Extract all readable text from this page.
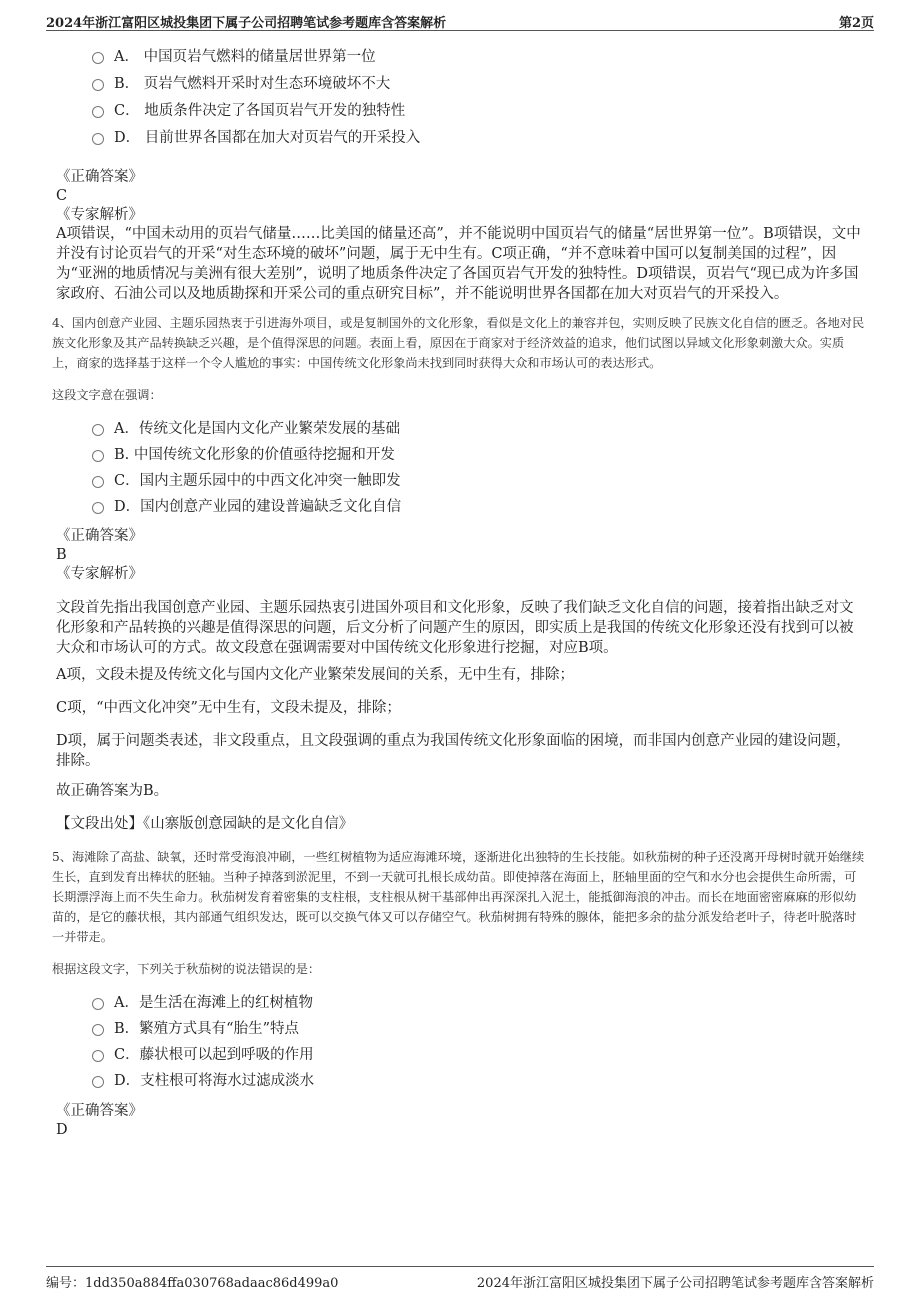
2024年浙江富阳区城投集团下属子公司招聘笔试参考题库含答案解析	第2页
A． 中国页岩气燃料的储量居世界第一位
B． 页岩气燃料开采时对生态环境破坏不大
C． 地质条件决定了各国页岩气开发的独特性
D． 目前世界各国都在加大对页岩气的开采投入
《正确答案》
C
《专家解析》
A项错误，“中国未动用的页岩气储量……比美国的储量还高”，并不能说明中国页岩气的储量“居世界第一位”。B项错误，文中并没有讨论页岩气的开采“对生态环境的破坏”问题，属于无中生有。C项正确，“并不意味着中国可以复制美国的过程”，因为“亚洲的地质情况与美洲有很大差别”，说明了地质条件决定了各国页岩气开发的独特性。D项错误，页岩气“现已成为许多国家政府、石油公司以及地质勘探和开采公司的重点研究目标”，并不能说明世界各国都在加大对页岩气的开采投入。
4、国内创意产业园、主题乐园热衷于引进海外项目，或是复制国外的文化形象，看似是文化上的兼容并包，实则反映了民族文化自信的匮乏。各地对民族文化形象及其产品转换缺乏兴趣，是个值得深思的问题。表面上看，原因在于商家对于经济效益的追求，他们试图以异域文化形象刺激大众。实质上，商家的选择基于这样一个令人尴尬的事实：中国传统文化形象尚未找到同时获得大众和市场认可的表达形式。
这段文字意在强调：
A．传统文化是国内文化产业繁荣发展的基础
B. 中国传统文化形象的价值亟待挖掘和开发
C．国内主题乐园中的中西文化冲突一触即发
D．国内创意产业园的建设普遍缺乏文化自信
《正确答案》
B
《专家解析》
文段首先指出我国创意产业园、主题乐园热衷引进国外项目和文化形象，反映了我们缺乏文化自信的问题，接着指出缺乏对文化形象和产品转换的兴趣是值得深思的问题，后文分析了问题产生的原因，即实质上是我国的传统文化形象还没有找到可以被大众和市场认可的方式。故文段意在强调需要对中国传统文化形象进行挖掘，对应B项。
A项，文段未提及传统文化与国内文化产业繁荣发展间的关系，无中生有，排除；
C项，“中西文化冲突”无中生有，文段未提及，排除；
D项，属于问题类表述，非文段重点，且文段强调的重点为我国传统文化形象面临的困境，而非国内创意产业园的建设问题，排除。
故正确答案为B。
【文段出处】《山寨版创意园缺的是文化自信》
5、海滩除了高盐、缺氧，还时常受海浪冲刷，一些红树植物为适应海滩环境，逐渐进化出独特的生长技能。如秋茄树的种子还没离开母树时就开始继续生长，直到发育出棒状的胚轴。当种子掉落到淤泥里，不到一天就可扎根长成幼苗。即使掉落在海面上，胚轴里面的空气和水分也会提供生命所需，可长期漂浮海上而不失生命力。秋茄树发育着密集的支柱根，支柱根从树干基部伸出再深深扎入泥土，能抵御海浪的冲击。而长在地面密密麻麻的形似幼苗的，是它的藤状根，其内部通气组织发达，既可以交换气体又可以存储空气。秋茄树拥有特殊的腺体，能把多余的盐分派发给老叶子，待老叶脱落时一并带走。
根据这段文字，下列关于秋茄树的说法错误的是：
A．是生活在海滩上的红树植物
B．繁殖方式具有“胎生”特点
C．藤状根可以起到呼吸的作用
D．支柱根可将海水过滤成淡水
《正确答案》
D
编号：1dd350a884ffa030768adaac86d499a0	2024年浙江富阳区城投集团下属子公司招聘笔试参考题库含答案解析
